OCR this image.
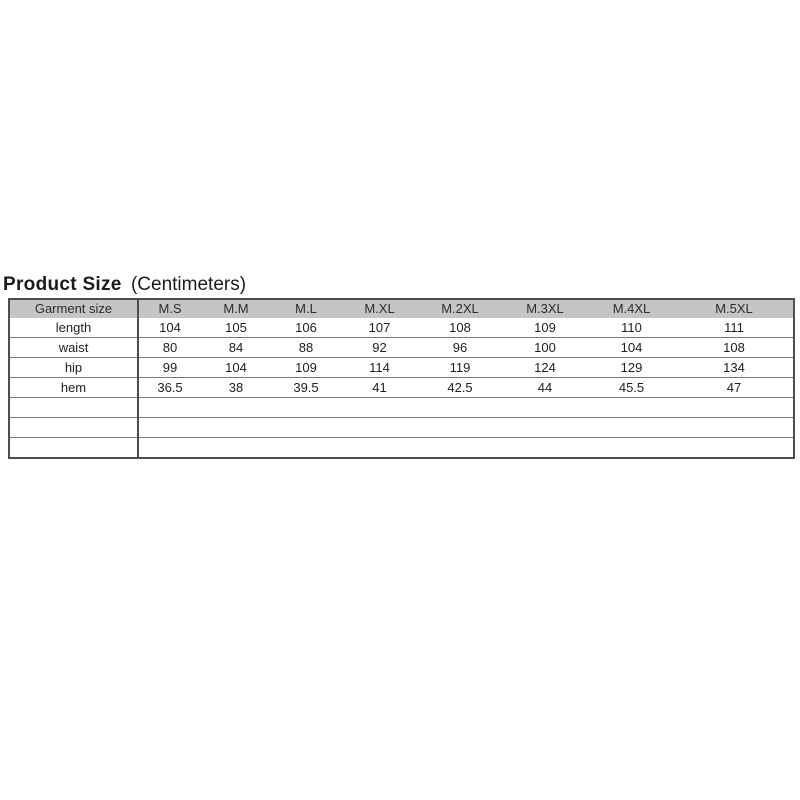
Product Size (Centimeters)
Garment size	M.S	M.M	M.L	M.XL	M.2XL	M.3XL	M.4XL	M.5XL
length	104	105	106	107	108	109	110	111
waist	80	84	88	92	96	100	104	108
hip	99	104	109	114	119	124	129	134
hem	36.5	38	39.5	41	42.5	44	45.5	47
